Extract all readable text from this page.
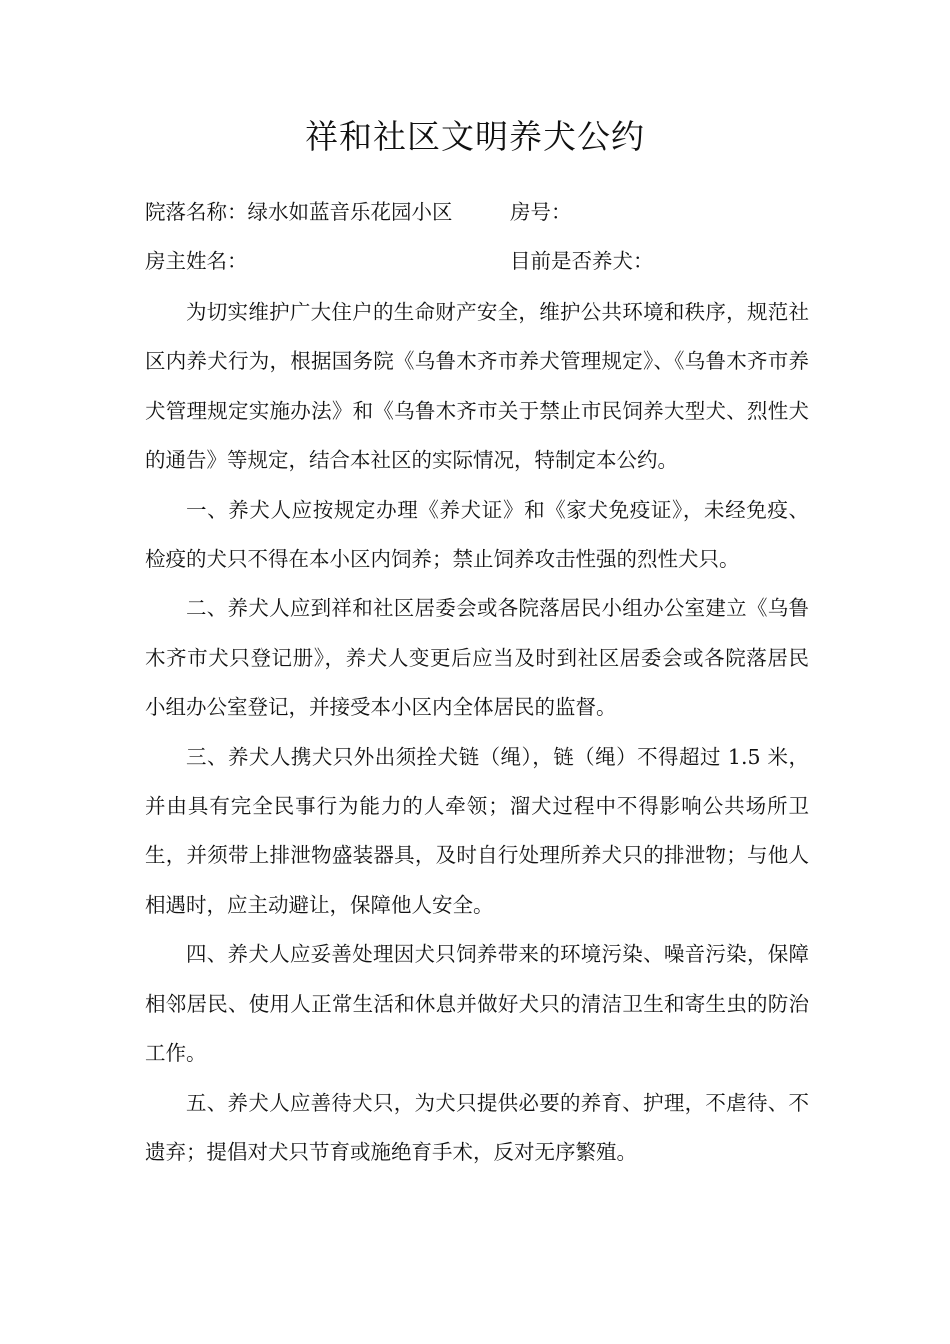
祥和社区文明养犬公约
院落名称：绿水如蓝音乐花园小区	房号：
房主姓名：	目前是否养犬：

为切实维护广大住户的生命财产安全，维护公共环境和秩序，规范社区内养犬行为，根据国务院《乌鲁木齐市养犬管理规定》、《乌鲁木齐市养犬管理规定实施办法》和《乌鲁木齐市关于禁止市民饲养大型犬、烈性犬的通告》等规定，结合本社区的实际情况，特制定本公约。

一、养犬人应按规定办理《养犬证》和《家犬免疫证》，未经免疫、检疫的犬只不得在本小区内饲养；禁止饲养攻击性强的烈性犬只。

二、养犬人应到祥和社区居委会或各院落居民小组办公室建立《乌鲁木齐市犬只登记册》，养犬人变更后应当及时到社区居委会或各院落居民小组办公室登记，并接受本小区内全体居民的监督。

三、养犬人携犬只外出须拴犬链（绳），链（绳）不得超过 1.5 米，并由具有完全民事行为能力的人牵领；溜犬过程中不得影响公共场所卫生，并须带上排泄物盛装器具，及时自行处理所养犬只的排泄物；与他人相遇时，应主动避让，保障他人安全。

四、养犬人应妥善处理因犬只饲养带来的环境污染、噪音污染，保障相邻居民、使用人正常生活和休息并做好犬只的清洁卫生和寄生虫的防治工作。

五、养犬人应善待犬只，为犬只提供必要的养育、护理，不虐待、不遗弃；提倡对犬只节育或施绝育手术，反对无序繁殖。
